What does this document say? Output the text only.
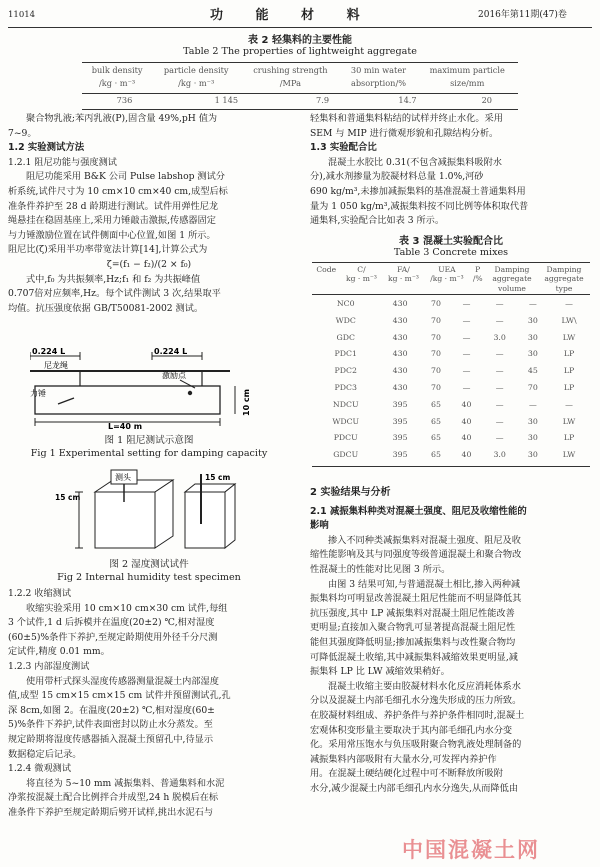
11014	功 能 材 料	2016年第11期(47)卷
表 2 轻集料的主要性能
Table 2 The properties of lightweight aggregate
bulk density	particle density	crushing strength	30 min water	maximum particle
/kg · m⁻³	/kg · m⁻³	/MPa	absorption/%	size/mm
736	1 145	7.9	14.7	20
聚合物乳液;苯丙乳液(P),固含量 49%,pH 值为
7~9。
1.2 实验测试方法
1.2.1 阻尼功能与强度测试
阻尼功能采用 B&K 公司 Pulse labshop 测试分
析系统,试件尺寸为 10 cm×10 cm×40 cm,成型后标
准条件养护至 28 d 龄期进行测试。试件用弹性尼龙
绳悬挂在稳固基座上,采用力锤敲击激振,传感器固定
与力锤激励位置在试件侧面中心位置,如图 1 所示。
阻尼比(ζ)采用半功率带宽法计算[14],计算公式为
ζ=(f₁ − f₂)/(2 × f₀)
式中,f₀ 为共振频率,Hz;f₁ 和 f₂ 为共振峰值
0.707倍对应频率,Hz。每个试件测试 3 次,结果取平
均值。抗压强度依据 GB/T50081-2002 测试。
0.224 L	0.224 L
尼龙绳
激励点
力锤	10 cm
L=40 m
图 1 阻尼测试示意图
Fig 1 Experimental setting for damping capacity
测头
15 cm
15 cm
图 2 湿度测试试件
Fig 2 Internal humidity test specimen
1.2.2 收缩测试
收缩实验采用 10 cm×10 cm×30 cm 试件,每组
3 个试件,1 d 后拆模并在温度(20±2) ℃,相对湿度
(60±5)%条件下养护,至规定龄期使用外径千分尺测
定试件,精度 0.01 mm。
1.2.3 内部湿度测试
使用带杆式探头湿度传感器测量混凝土内部湿度
值,成型 15 cm×15 cm×15 cm 试件并预留测试孔,孔
深 8cm,如图 2。在温度(20±2) ℃,相对湿度(60±
5)%条件下养护,试件表面密封以防止水分蒸发。至
规定龄期将湿度传感器插入混凝土预留孔中,待显示
数据稳定后记录。
1.2.4 微观测试
将直径为 5~10 mm 减振集料、普通集料和水泥
净浆按混凝土配合比例拌合并成型,24 h 脱模后在标
准条件下养护至规定龄期后劈开试样,挑出水泥石与
轻集料和普通集料粘结的试样并终止水化。采用
SEM 与 MIP 进行微观形貌和孔隙结构分析。
1.3 实验配合比
混凝土水胶比 0.31(不包含减振集料吸附水
分),减水剂掺量为胶凝材料总量 1.0%,河砂
690 kg/m³,未掺加减振集料的基准混凝土普通集料用
量为 1 050 kg/m³,减振集料按不同比例等体积取代普
通集料,实验配合比如表 3 所示。
表 3 混凝土实验配合比
Table 3 Concrete mixes
Code	C/	FA/	UEA	P	Damping	Damping
	kg · m⁻³	kg · m⁻³	/kg · m⁻³	/%	aggregate	aggregate
					volume	type
NC0	430	70	—	—	—	—
WDC	430	70	—	—	30	LW\
GDC	430	70	—	3.0	30	LW
PDC1	430	70	—	—	30	LP
PDC2	430	70	—	—	45	LP
PDC3	430	70	—	—	70	LP
NDCU	395	65	40	—	—	—
WDCU	395	65	40	—	30	LW
PDCU	395	65	40	—	30	LP
GDCU	395	65	40	3.0	30	LW
2 实验结果与分析
2.1 减振集料种类对混凝土强度、阻尼及收缩性能的
影响
掺入不同种类减振集料对混凝土强度、阻尼及收
缩性能影响及其与同强度等级普通混凝土和聚合物改
性混凝土的性能对比见图 3 所示。
由图 3 结果可知,与普通混凝土相比,掺入两种减
振集料均可明显改善混凝土阻尼性能而不明显降低其
抗压强度,其中 LP 减振集料对混凝土阻尼性能改善
更明显;直接加入聚合物乳可显著提高混凝土阻尼性
能但其强度降低明显;掺加减振集料与改性聚合物均
可降低混凝土收缩,其中减振集料减缩效果更明显,减
振集料 LP 比 LW 减缩效果稍好。
混凝土收缩主要由胶凝材料水化反应消耗体系水
分以及混凝土内部毛细孔水分逸失形成的压力所致。
在胶凝材料组成、养护条件与养护条件相同时,混凝土
宏观体积变形量主要取决于其内部毛细孔内水分变
化。采用常压饱水与负压吸附聚合物乳液处理制备的
减振集料内部吸附有大量水分,可发挥内养护作
用。在混凝土硬结硬化过程中可不断释放所吸附
水分,减少混凝土内部毛细孔内水分逸失,从而降低由
中国混凝土网
